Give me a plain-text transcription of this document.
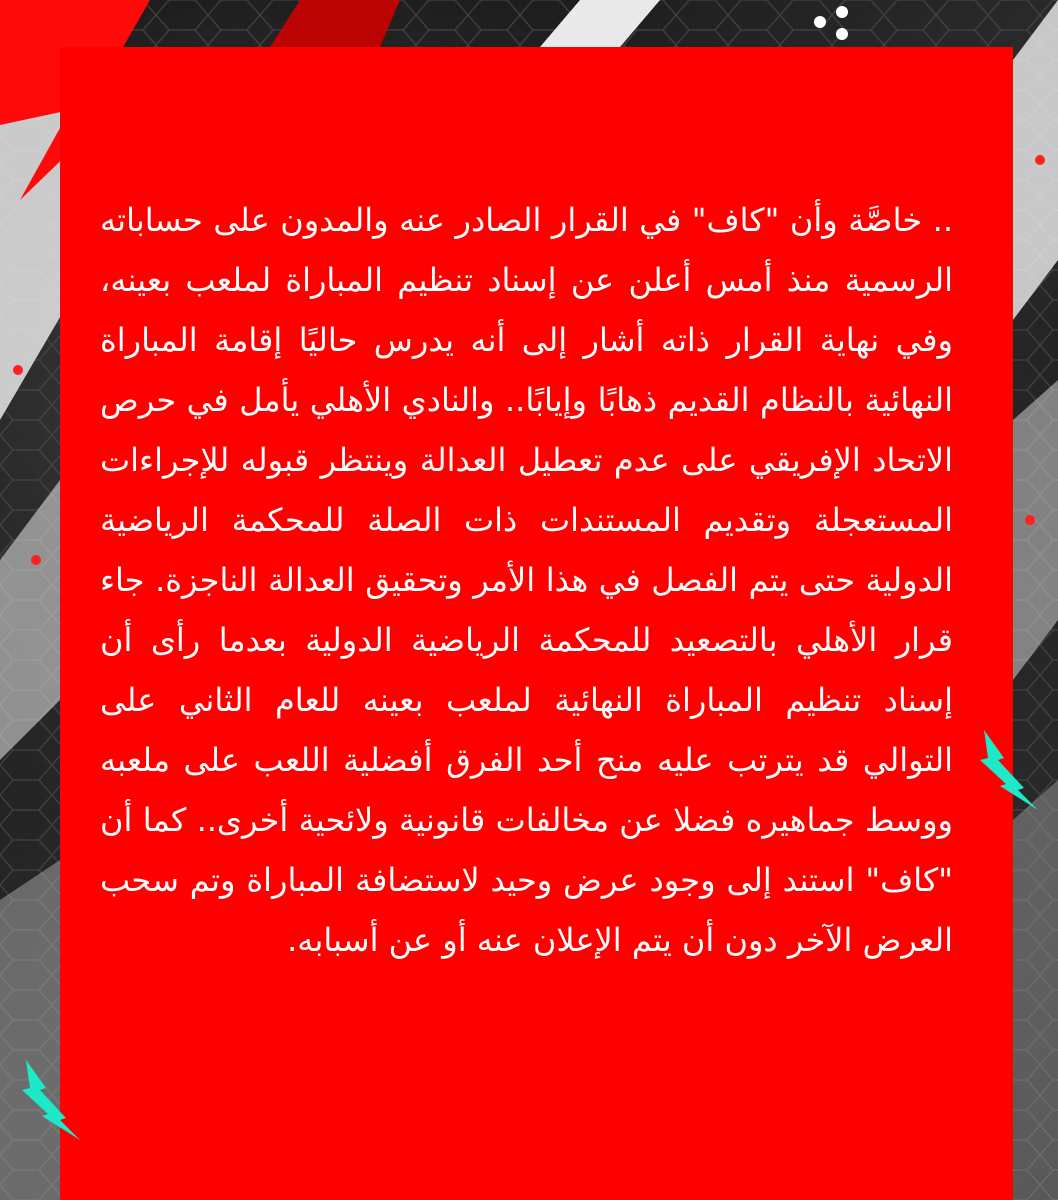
.. خاصَّة وأن "كاف" في القرار الصادر عنه والمدون على حساباته الرسمية منذ أمس أعلن عن إسناد تنظيم المباراة لملعب بعينه، وفي نهاية القرار ذاته أشار إلى أنه يدرس حاليًا إقامة المباراة النهائية بالنظام القديم ذهابًا وإيابًا.. والنادي الأهلي يأمل في حرص الاتحاد الإفريقي على عدم تعطيل العدالة وينتظر قبوله للإجراءات المستعجلة وتقديم المستندات ذات الصلة للمحكمة الرياضية الدولية حتى يتم الفصل في هذا الأمر وتحقيق العدالة الناجزة. جاء قرار الأهلي بالتصعيد للمحكمة الرياضية الدولية بعدما رأى أن إسناد تنظيم المباراة النهائية لملعب بعينه للعام الثاني على التوالي قد يترتب عليه منح أحد الفرق أفضلية اللعب على ملعبه ووسط جماهيره فضلا عن مخالفات قانونية ولائحية أخرى.. كما أن "كاف" استند إلى وجود عرض وحيد لاستضافة المباراة وتم سحب العرض الآخر دون أن يتم الإعلان عنه أو عن أسبابه.
